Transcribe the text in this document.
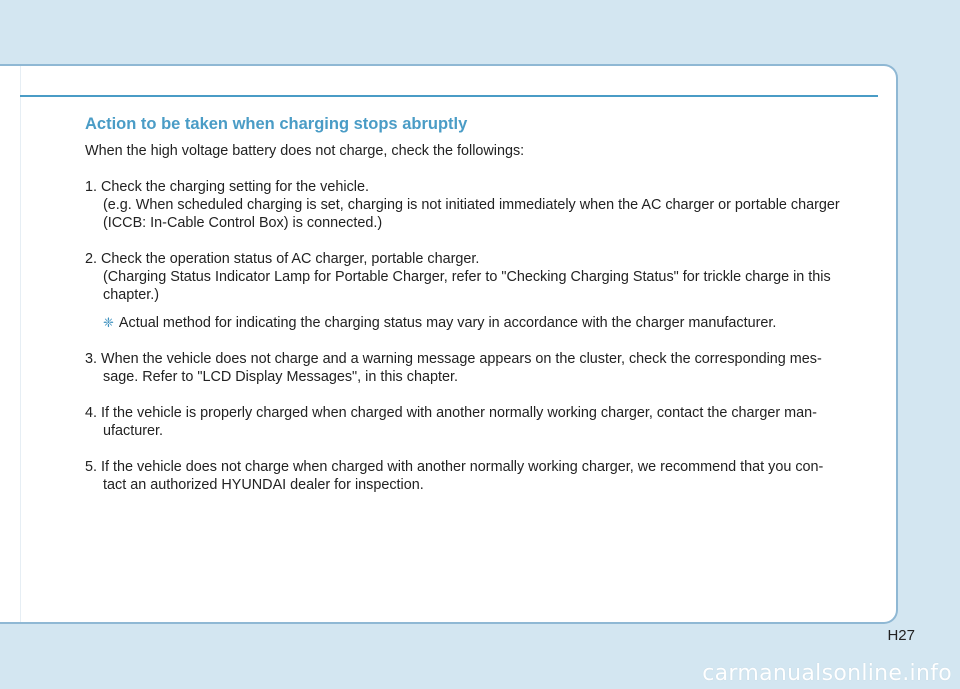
Action to be taken when charging stops abruptly
When the high voltage battery does not charge, check the followings:
1. Check the charging setting for the vehicle.
(e.g. When scheduled charging is set, charging is not initiated immediately when the AC charger or portable charger (ICCB: In-Cable Control Box) is connected.)
2. Check the operation status of AC charger, portable charger.
(Charging Status Indicator Lamp for Portable Charger, refer to "Checking Charging Status" for trickle charge in this chapter.)
❈ Actual method for indicating the charging status may vary in accordance with the charger manufacturer.
3. When the vehicle does not charge and a warning message appears on the cluster, check the corresponding mes-
sage. Refer to "LCD Display Messages", in this chapter.
4. If the vehicle is properly charged when charged with another normally working charger, contact the charger man-
ufacturer.
5. If the vehicle does not charge when charged with another normally working charger, we recommend that you con-
tact an authorized HYUNDAI dealer for inspection.
H27
carmanualsonline.info
